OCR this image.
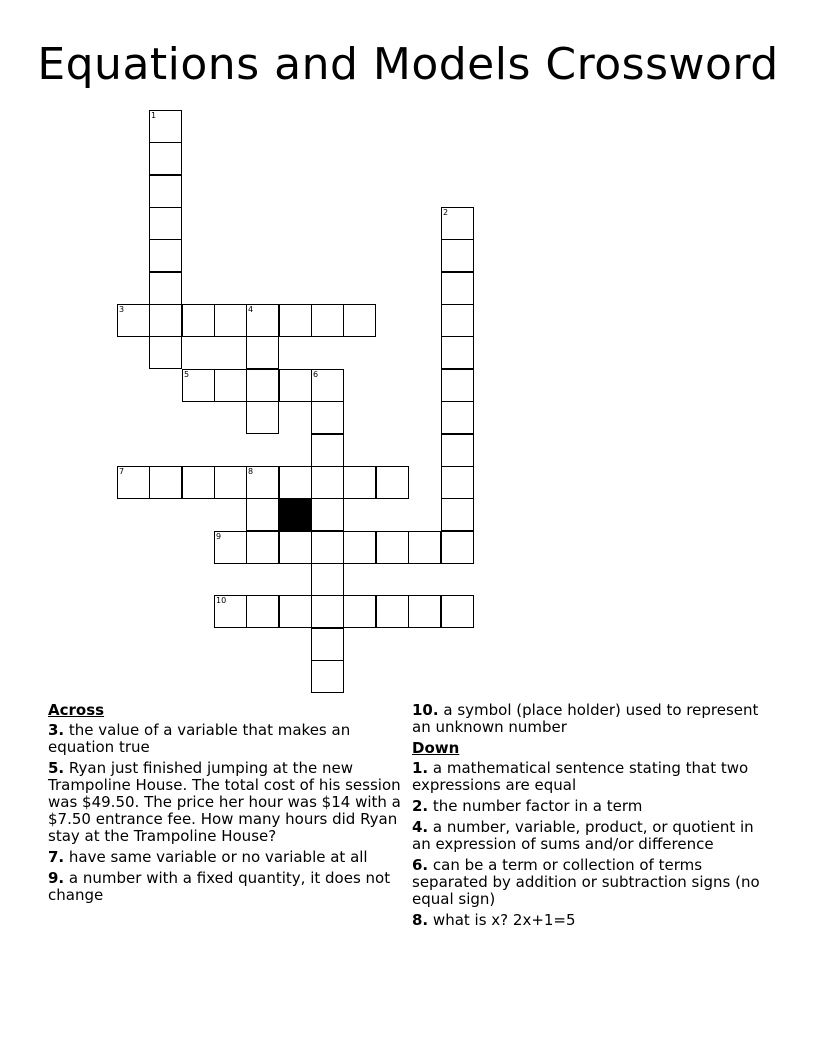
Equations and Models Crossword
1
2
3	4
5	6
7	8
9
10
Across
3. the value of a variable that makes an equation true
5. Ryan just finished jumping at the new Trampoline House. The total cost of his session was $49.50. The price her hour was $14 with a $7.50 entrance fee. How many hours did Ryan stay at the Trampoline House?
7. have same variable or no variable at all
9. a number with a fixed quantity, it does not change
10. a symbol (place holder) used to represent an unknown number
Down
1. a mathematical sentence stating that two expressions are equal
2. the number factor in a term
4. a number, variable, product, or quotient in an expression of sums and/or difference
6. can be a term or collection of terms separated by addition or subtraction signs (no equal sign)
8. what is x? 2x+1=5
